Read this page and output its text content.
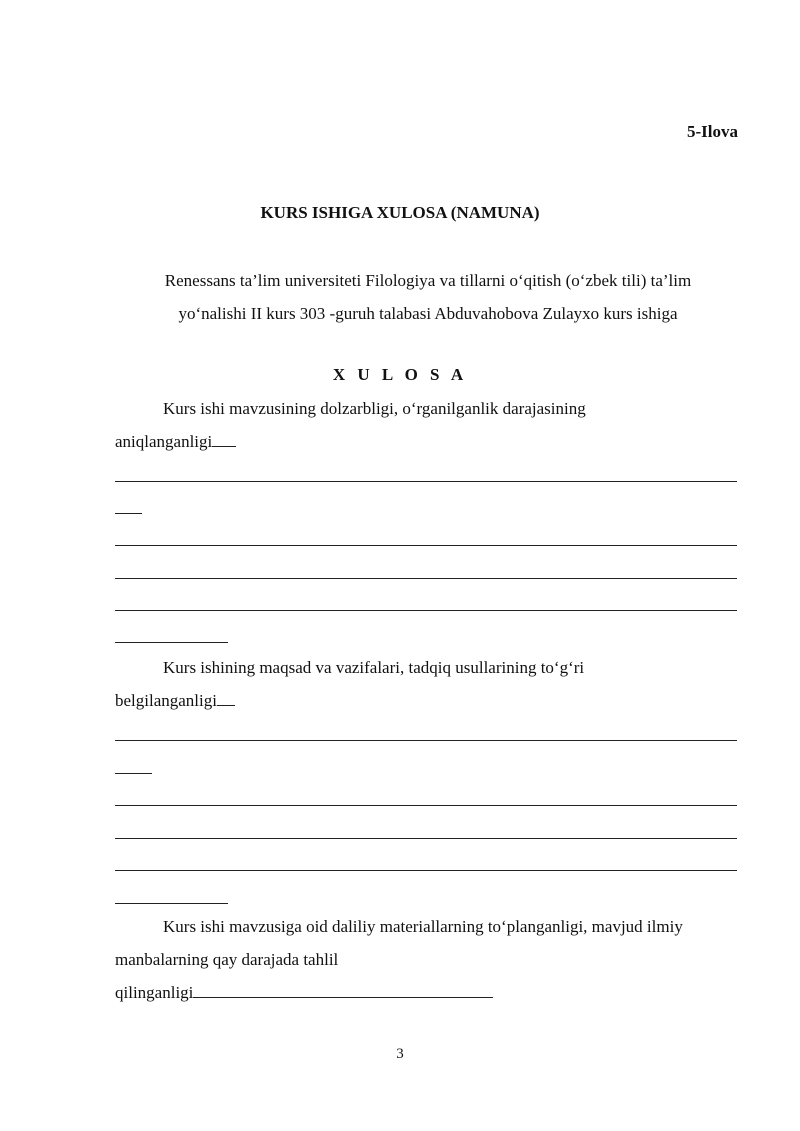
5-Ilova
KURS ISHIGA XULOSA (NAMUNA)
Renessans ta’lim universiteti Filologiya va tillarni o‘qitish (o‘zbek tili) ta’lim
yo‘nalishi II kurs 303 -guruh talabasi Abduvahobova Zulayxo kurs ishiga
X U L O S A
Kurs ishi mavzusining dolzarbligi, o‘rganilganlik darajasining
aniqlanganligi
Kurs ishining maqsad va vazifalari, tadqiq usullarining to‘g‘ri
belgilanganligi
Kurs ishi mavzusiga oid daliliy materiallarning to‘planganligi, mavjud ilmiy
manbalarning qay darajada tahlil
qilinganligi
3
